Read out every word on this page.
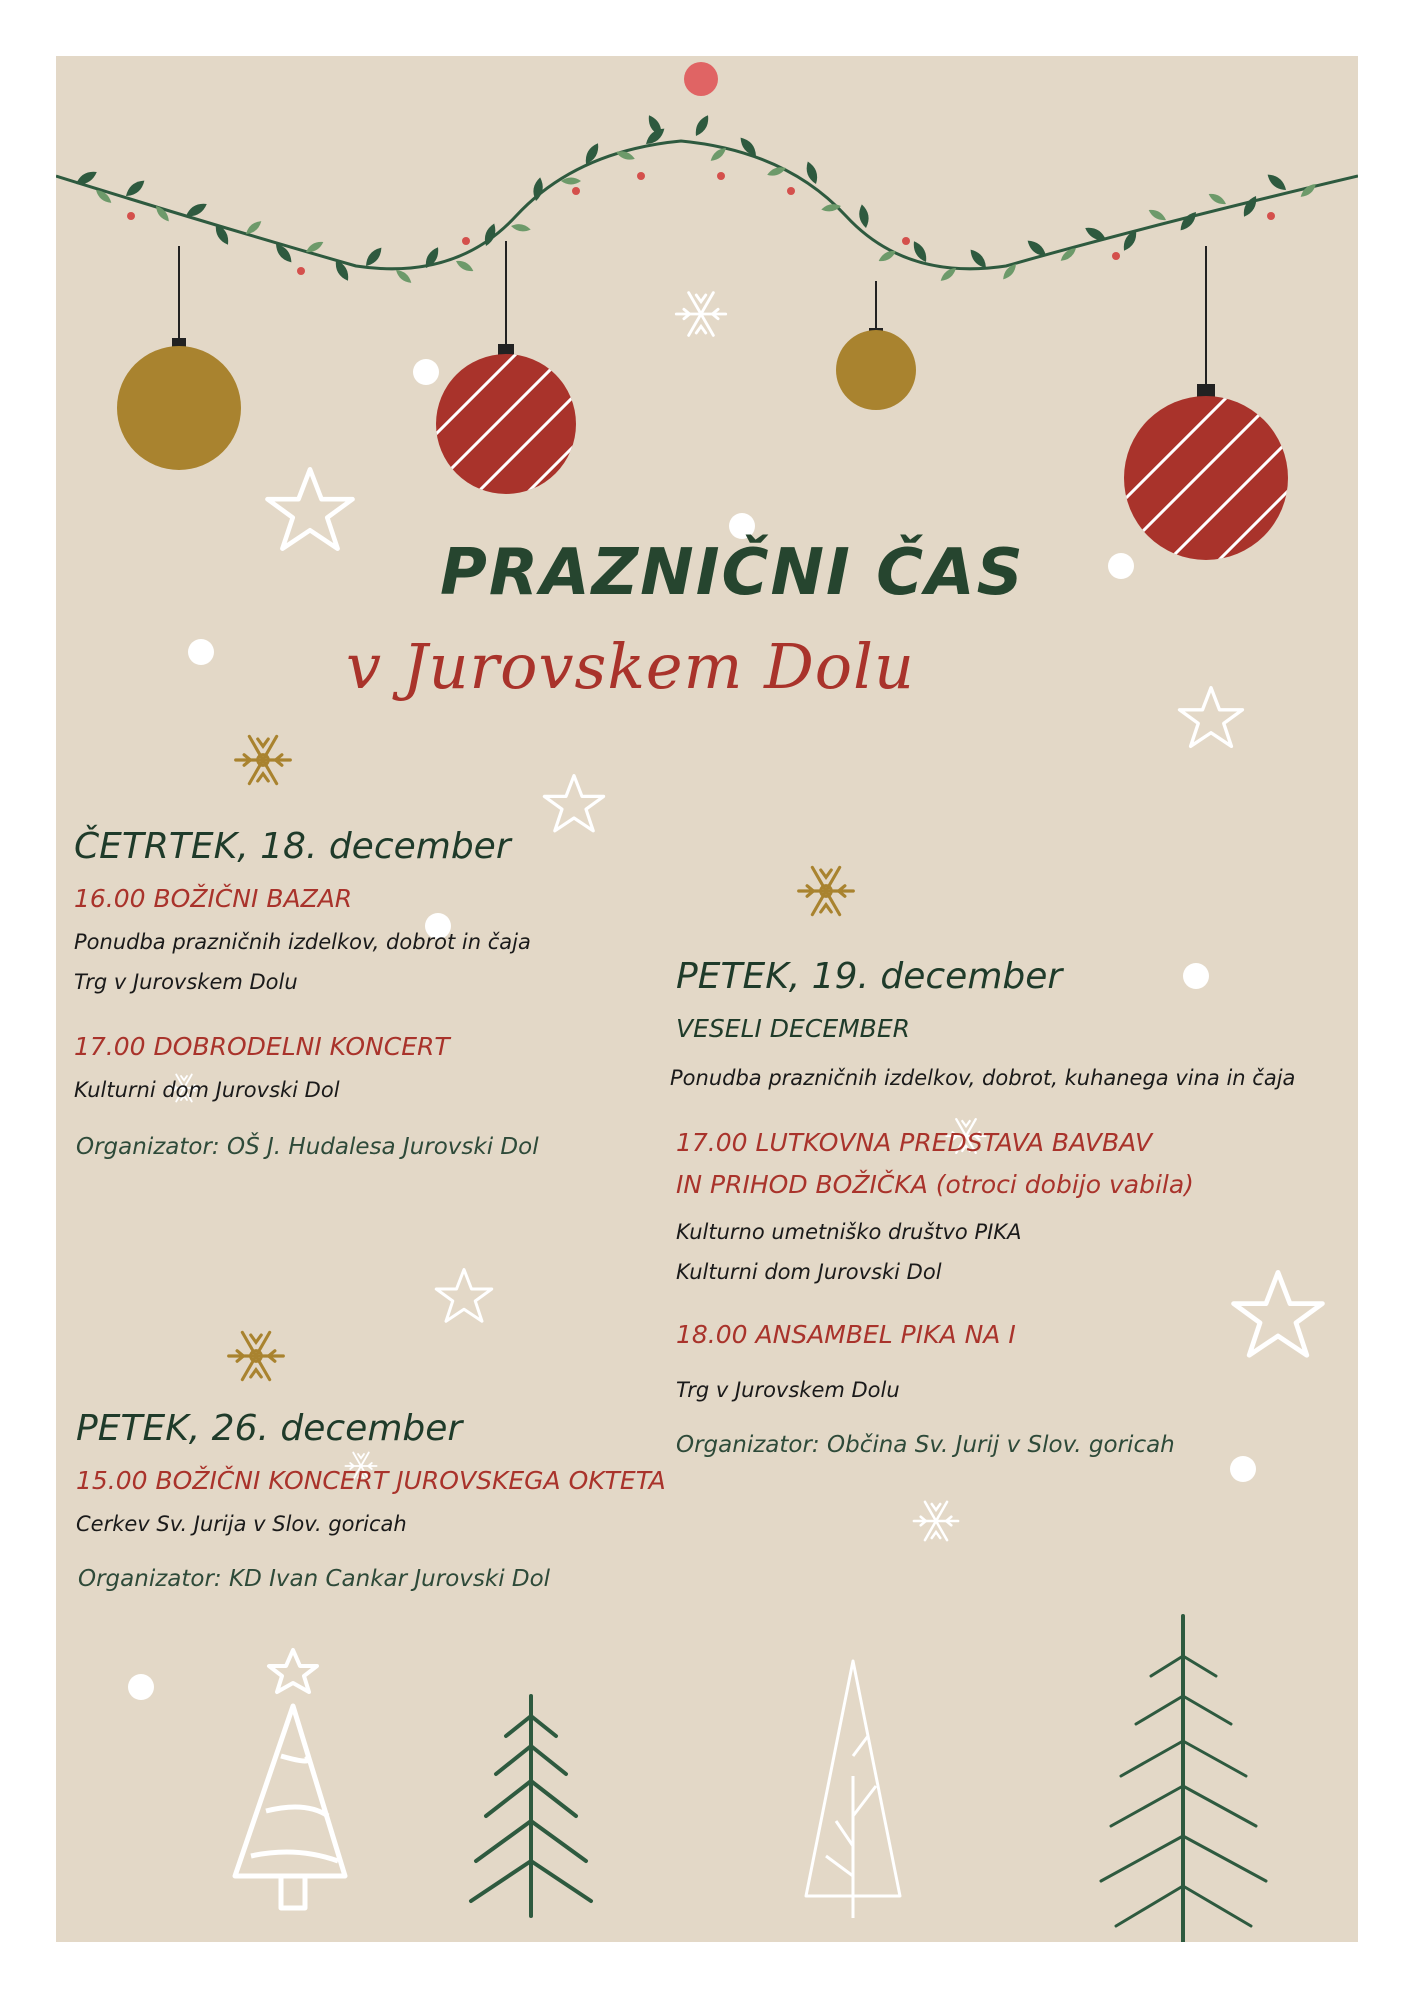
PRAZNIČNI ČAS
v Jurovskem Dolu
ČETRTEK, 18. december
16.00 BOŽIČNI BAZAR
Ponudba prazničnih izdelkov, dobrot in čaja
Trg v Jurovskem Dolu
17.00 DOBRODELNI KONCERT
Kulturni dom Jurovski Dol
Organizator: OŠ J. Hudalesa Jurovski Dol
PETEK, 19. december
VESELI DECEMBER
Ponudba prazničnih izdelkov, dobrot, kuhanega vina in čaja
17.00 LUTKOVNA PREDSTAVA BAVBAV
IN PRIHOD BOŽIČKA (otroci dobijo vabila)
Kulturno umetniško društvo PIKA
Kulturni dom Jurovski Dol
18.00 ANSAMBEL PIKA NA I
Trg v Jurovskem Dolu
Organizator: Občina Sv. Jurij v Slov. goricah
PETEK, 26. december
15.00 BOŽIČNI KONCERT JUROVSKEGA OKTETA
Cerkev Sv. Jurija v Slov. goricah
Organizator: KD Ivan Cankar Jurovski Dol
